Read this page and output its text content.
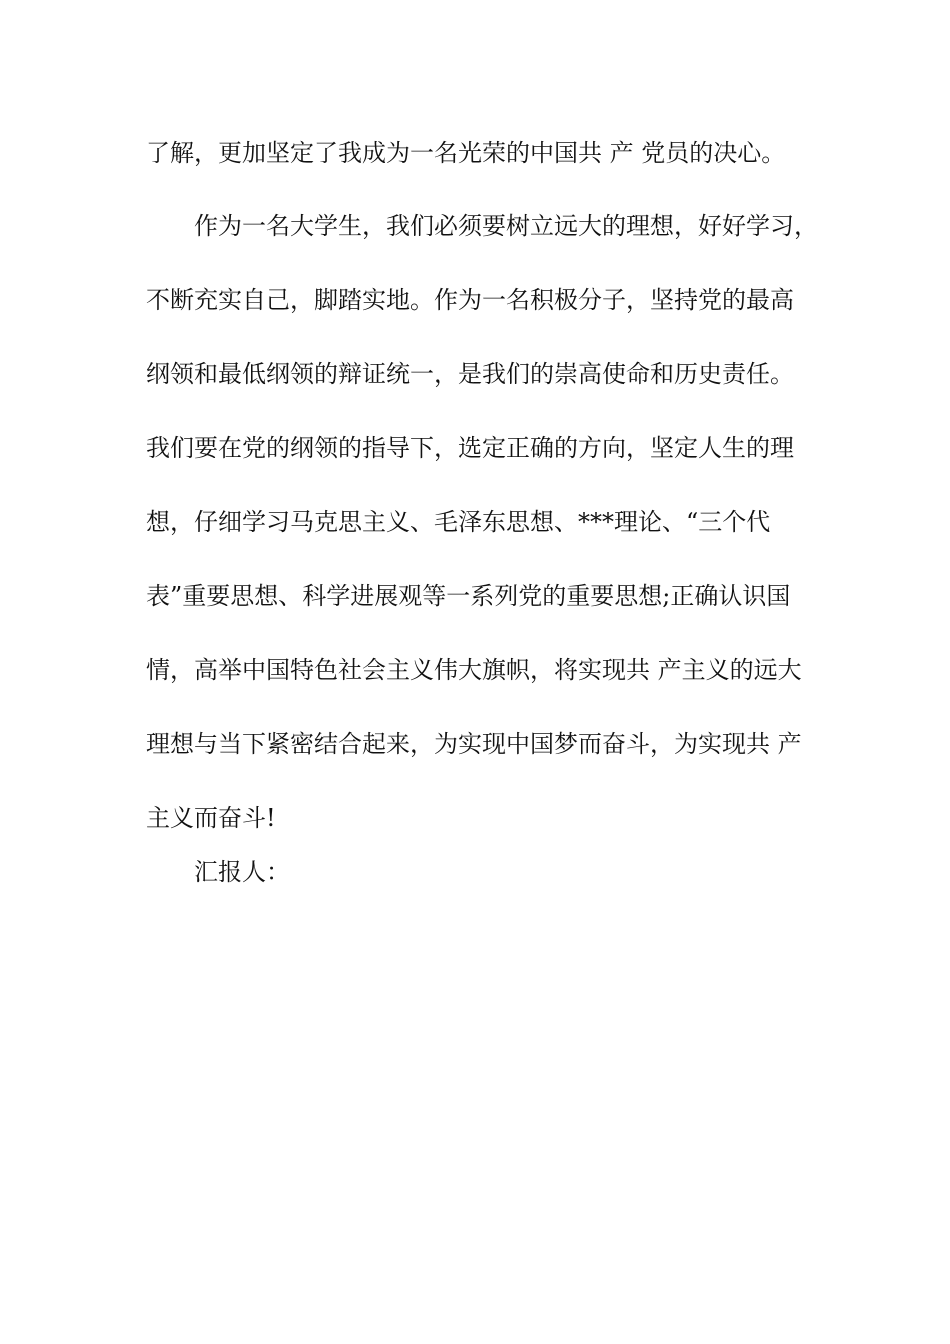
了解，更加坚定了我成为一名光荣的中国共 产 党员的决心。
作为一名大学生，我们必须要树立远大的理想，好好学习，
不断充实自己，脚踏实地。作为一名积极分子，坚持党的最高
纲领和最低纲领的辩证统一，是我们的崇高使命和历史责任。
我们要在党的纲领的指导下，选定正确的方向，坚定人生的理
想，仔细学习马克思主义、毛泽东思想、***理论、“三个代
表”重要思想、科学进展观等一系列党的重要思想;正确认识国
情，高举中国特色社会主义伟大旗帜，将实现共 产主义的远大
理想与当下紧密结合起来，为实现中国梦而奋斗，为实现共 产
主义而奋斗!
汇报人：
